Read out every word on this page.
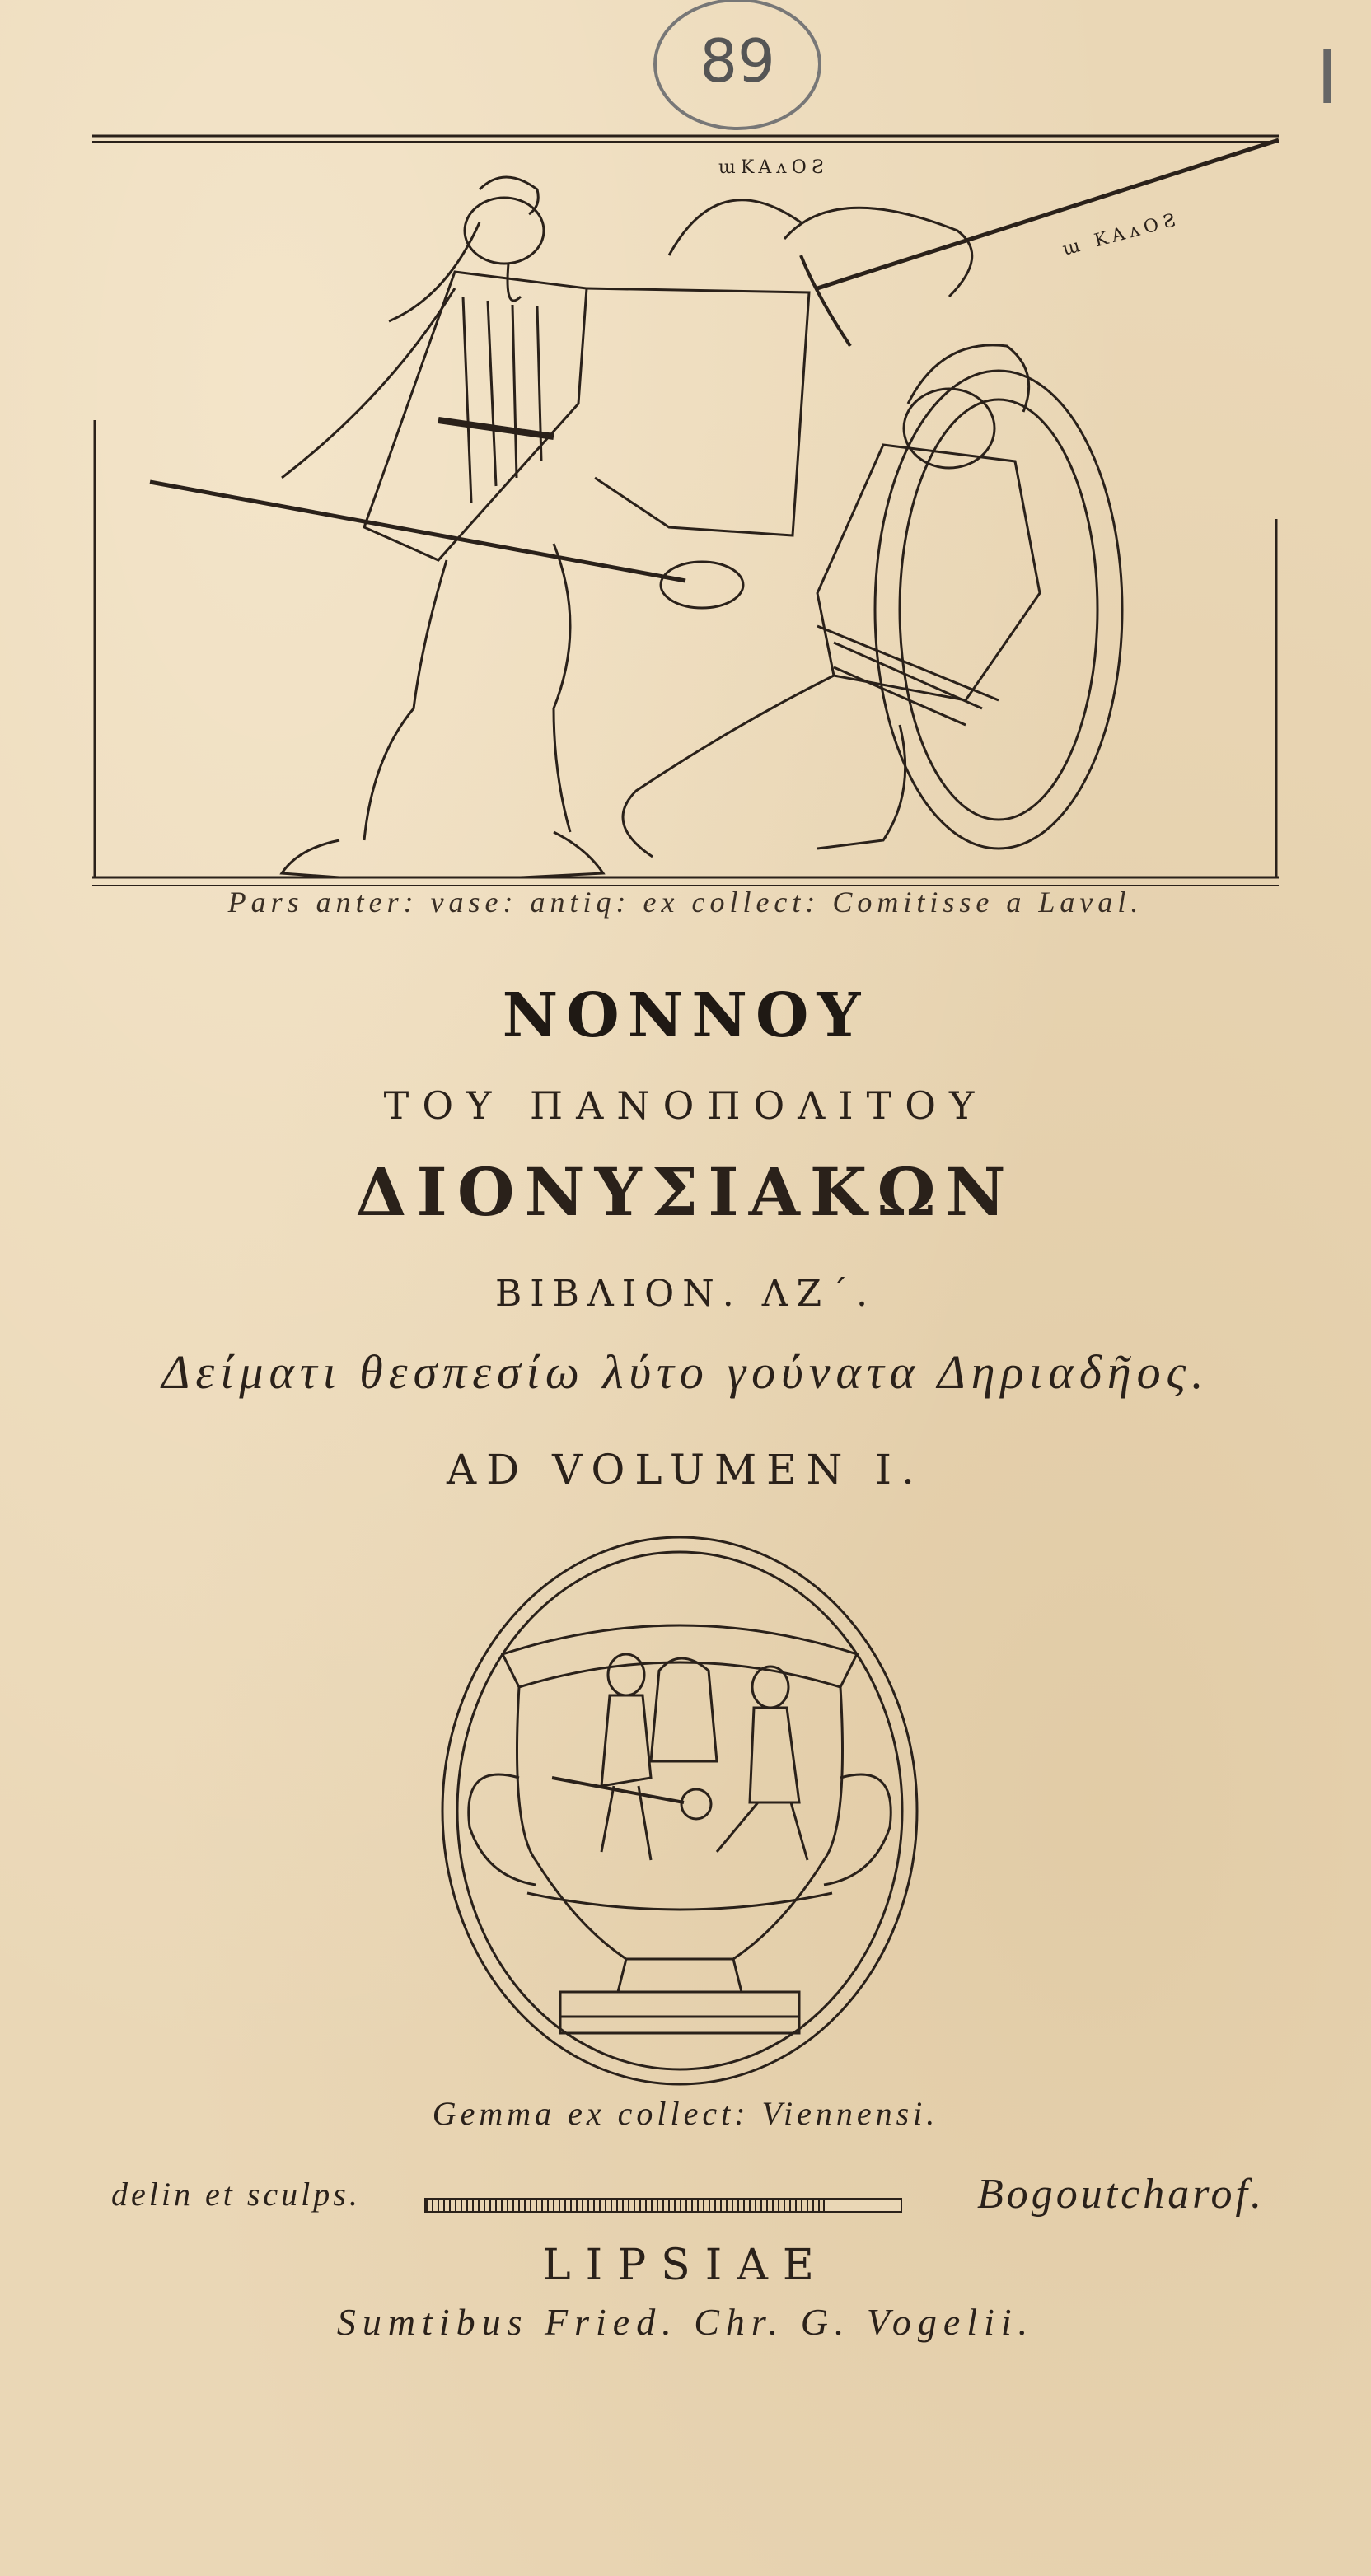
89	I
ɯKAʌOƧ
ɯ KAʌOƧ
Pars anter: vase: antiq: ex collect: Comitisse a Laval.
ΝΟΝΝΟΥ
ΤΟΥ ΠΑΝΟΠΟΛΙΤΟΥ
ΔΙΟΝΥΣΙΑΚΩΝ
ΒΙΒΛΙΟΝ. ΛΖ΄.
Δείματι θεσπεσίω λύτο γούνατα Δηριαδῆος.
AD VOLUMEN I.
Gemma ex collect: Viennensi.
delin et sculps.	Bogoutcharof.
LIPSIAE
Sumtibus Fried. Chr. G. Vogelii.
